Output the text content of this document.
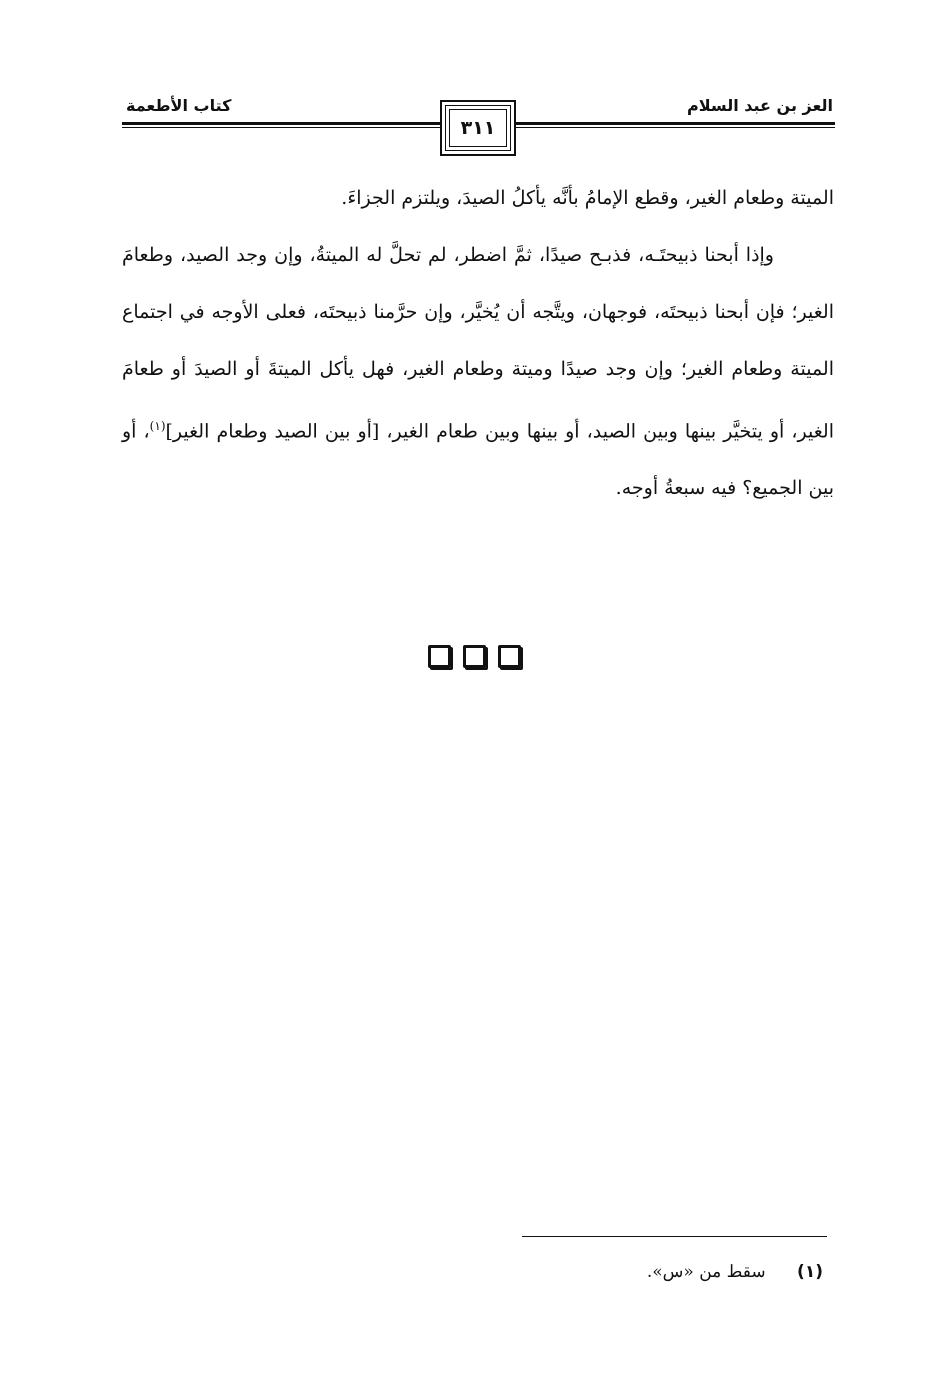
العز بن عبد السلام
كتاب الأطعمة
٣١١

الميتة وطعام الغير، وقطع الإمامُ بأنَّه يأكلُ الصيدَ، ويلتزم الجزاءَ.

وإذا أبحنا ذبيحتَـه، فذبـح صيدًا، ثمَّ اضطر، لم تحلَّ له الميتةُ، وإن وجد الصيد، وطعامَ الغير؛ فإن أبحنا ذبيحتَه، فوجهان، ويتَّجه أن يُخيَّر، وإن حرَّمنا ذبيحتَه، فعلى الأوجه في اجتماع الميتة وطعام الغير؛ وإن وجد صيدًا وميتة وطعام الغير، فهل يأكل الميتةَ أو الصيدَ أو طعامَ الغير، أو يتخيَّر بينها وبين الصيد، أو بينها وبين طعام الغير، [أو بين الصيد وطعام الغير]$^{(١)}$، أو بين الجميع؟ فيه سبعةُ أوجه.

(١) سقط من «س».
